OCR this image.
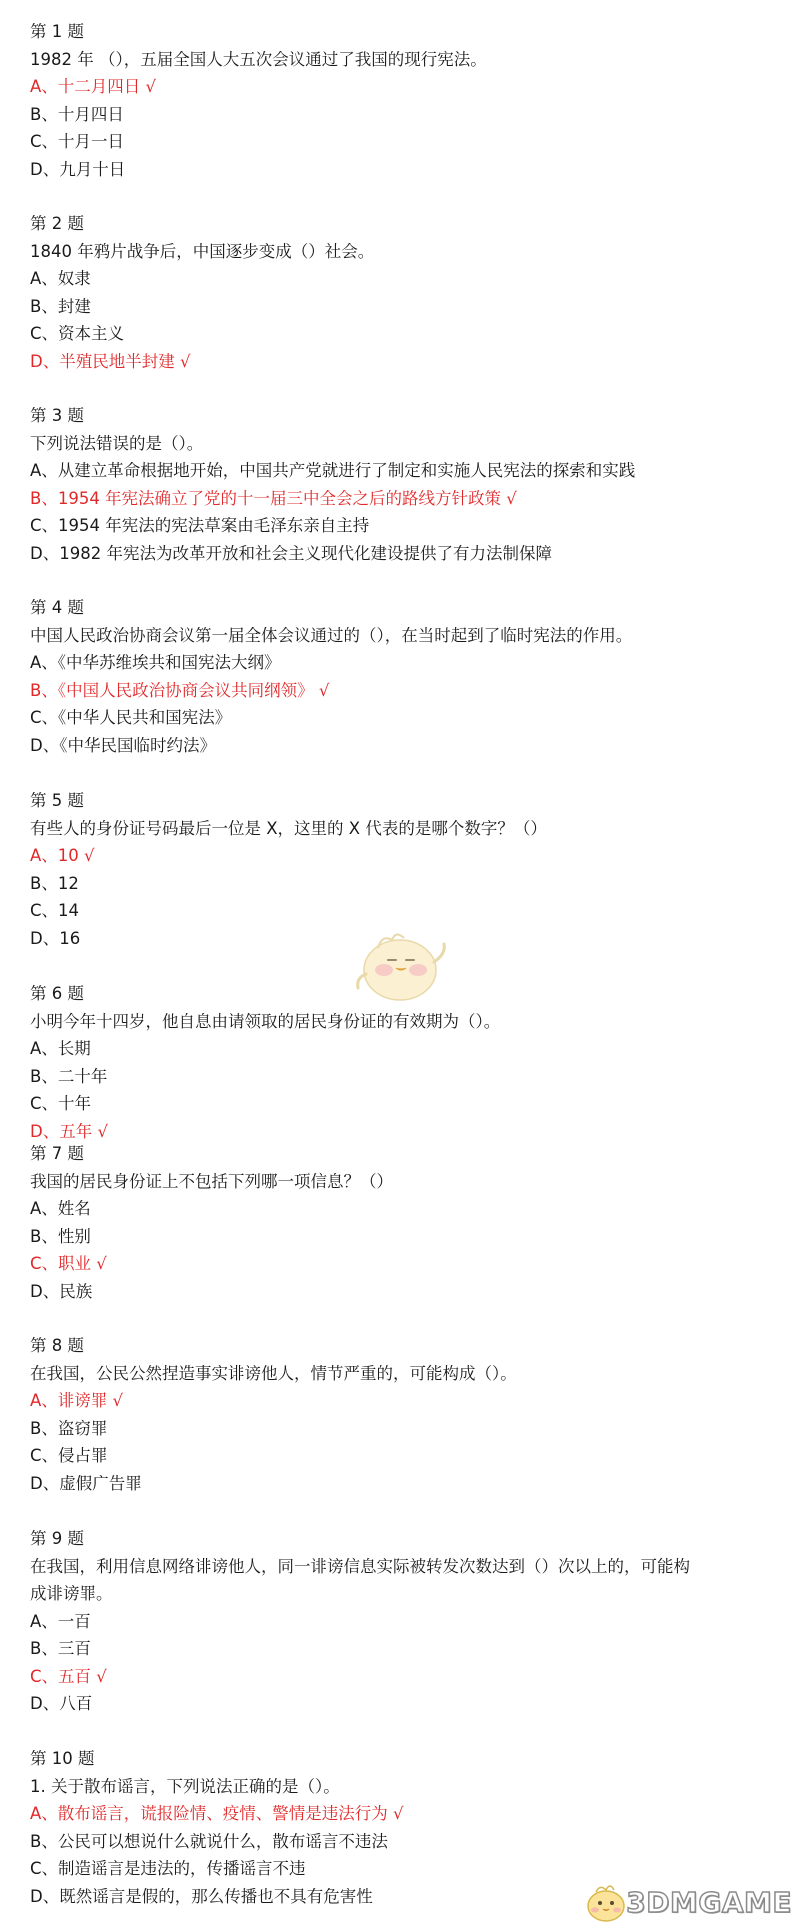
第 1 题
1982 年 （），五届全国人大五次会议通过了我国的现行宪法。
A、十二月四日 √
B、十月四日
C、十月一日
D、九月十日
第 2 题
1840 年鸦片战争后，中国逐步变成（）社会。
A、奴隶
B、封建
C、资本主义
D、半殖民地半封建 √
第 3 题
下列说法错误的是（）。
A、从建立革命根据地开始，中国共产党就进行了制定和实施人民宪法的探索和实践
B、1954 年宪法确立了党的十一届三中全会之后的路线方针政策 √
C、1954 年宪法的宪法草案由毛泽东亲自主持
D、1982 年宪法为改革开放和社会主义现代化建设提供了有力法制保障
第 4 题
中国人民政治协商会议第一届全体会议通过的（），在当时起到了临时宪法的作用。
A、《中华苏维埃共和国宪法大纲》
B、《中国人民政治协商会议共同纲领》 √
C、《中华人民共和国宪法》
D、《中华民国临时约法》
第 5 题
有些人的身份证号码最后一位是 X，这里的 X 代表的是哪个数字？（）
A、10 √
B、12
C、14
D、16
第 6 题
小明今年十四岁，他自息由请领取的居民身份证的有效期为（）。
A、长期
B、二十年
C、十年
D、五年 √
第 7 题
我国的居民身份证上不包括下列哪一项信息？（）
A、姓名
B、性别
C、职业 √
D、民族
第 8 题
在我国，公民公然捏造事实诽谤他人，情节严重的，可能构成（）。
A、诽谤罪 √
B、盗窃罪
C、侵占罪
D、虚假广告罪
第 9 题
在我国，利用信息网络诽谤他人，同一诽谤信息实际被转发次数达到（）次以上的，可能构
成诽谤罪。
A、一百
B、三百
C、五百 √
D、八百
第 10 题
1. 关于散布谣言，下列说法正确的是（）。
A、散布谣言，谎报险情、疫情、警情是违法行为 √
B、公民可以想说什么就说什么，散布谣言不违法
C、制造谣言是违法的，传播谣言不违
D、既然谣言是假的，那么传播也不具有危害性	3DMGAME
